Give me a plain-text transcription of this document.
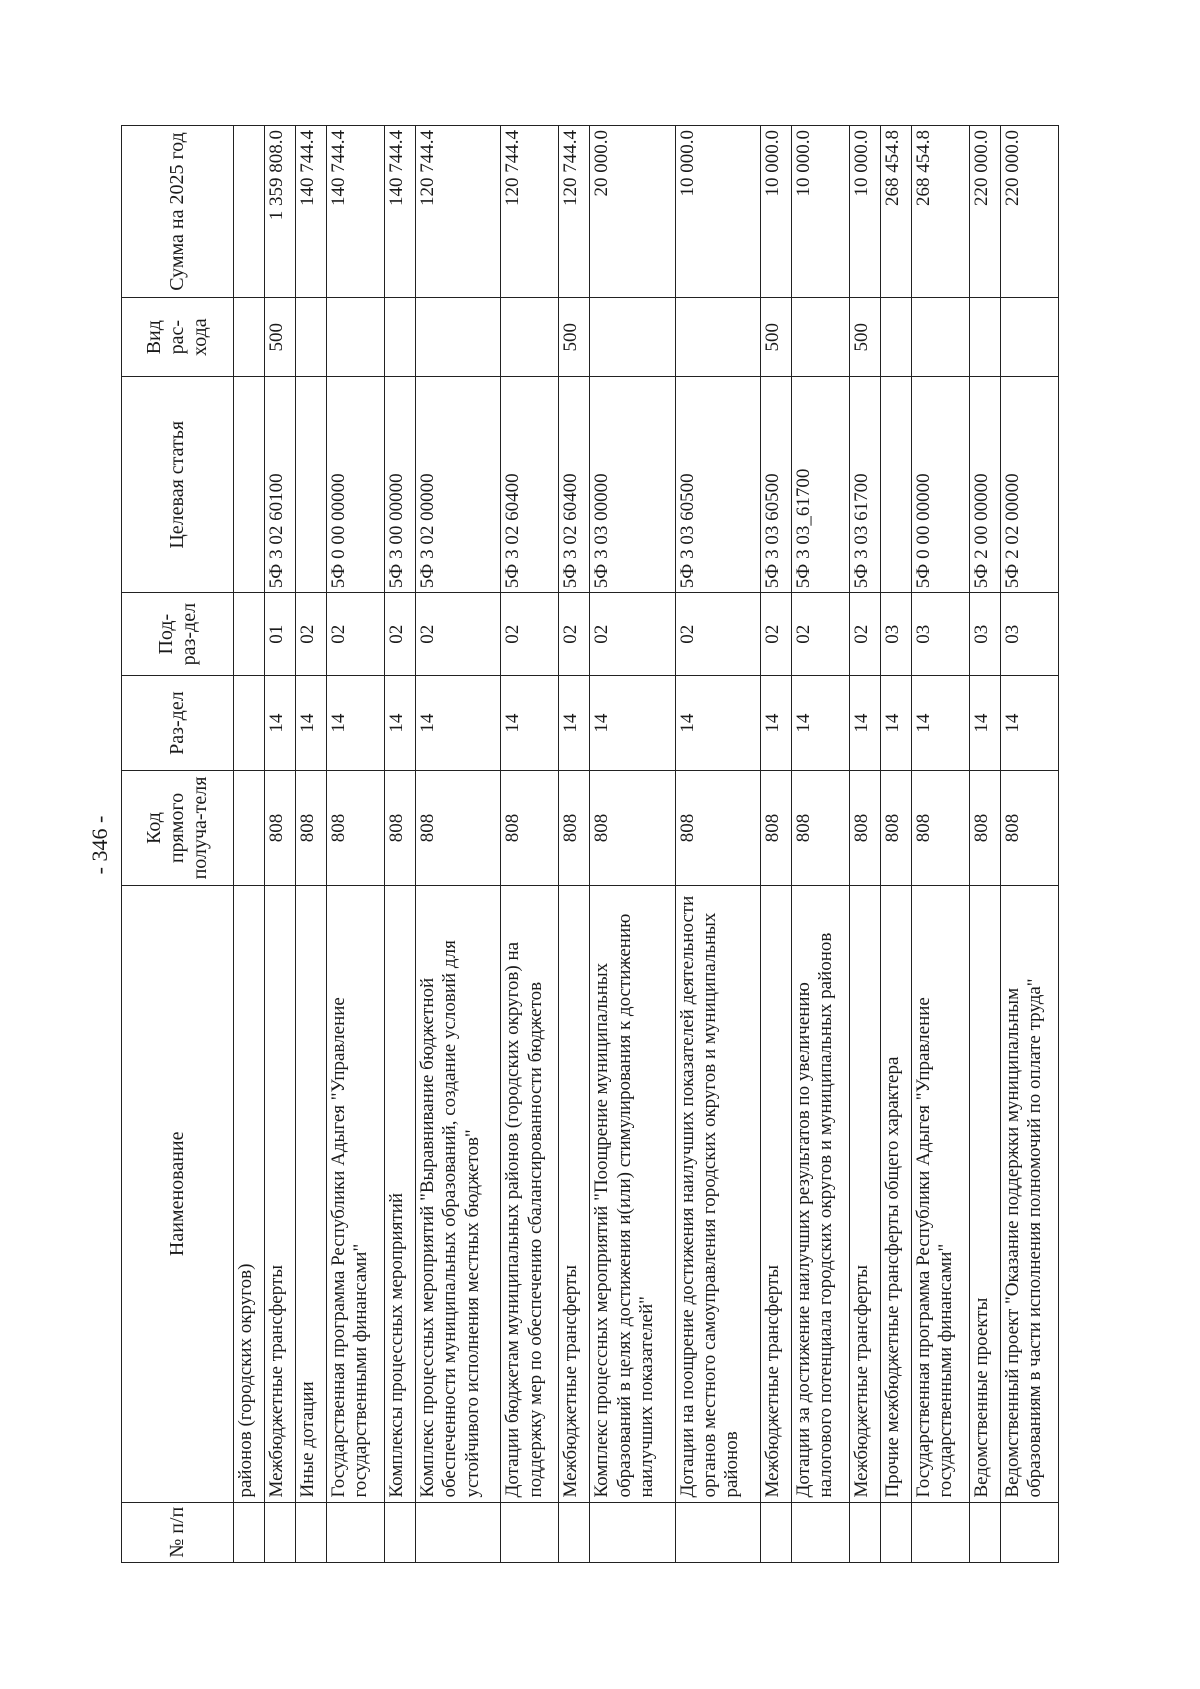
- 346 -
№ п/п	Наименование	Код прямого получа-теля	Раз-дел	Под-раз-дел	Целевая статья	Вид рас-хода	Сумма на 2025 год
	районов (городских округов)						
	Межбюджетные трансферты	808	14	01	5Ф 3 02 60100	500	1 359 808.0
	Иные дотации	808	14	02			140 744.4
	Государственная программа Республики Адыгея "Управление государственными финансами"	808	14	02	5Ф 0 00 00000		140 744.4
	Комплексы процессных мероприятий	808	14	02	5Ф 3 00 00000		140 744.4
	Комплекс процессных мероприятий "Выравнивание бюджетной обеспеченности муниципальных образований, создание условий для устойчивого исполнения местных бюджетов"	808	14	02	5Ф 3 02 00000		120 744.4
	Дотации бюджетам муниципальных районов (городских округов) на поддержку мер по обеспечению сбалансированности бюджетов	808	14	02	5Ф 3 02 60400		120 744.4
	Межбюджетные трансферты	808	14	02	5Ф 3 02 60400	500	120 744.4
	Комплекс процессных мероприятий "Поощрение муниципальных образований в целях достижения и(или) стимулирования к достижению наилучших показателей"	808	14	02	5Ф 3 03 00000		20 000.0
	Дотации на поощрение достижения наилучших показателей деятельности органов местного самоуправления городских округов и муниципальных районов	808	14	02	5Ф 3 03 60500		10 000.0
	Межбюджетные трансферты	808	14	02	5Ф 3 03 60500	500	10 000.0
	Дотации за достижение наилучших результатов по увеличению налогового потенциала городских округов и муниципальных районов	808	14	02	5Ф 3 03_61700		10 000.0
	Межбюджетные трансферты	808	14	02	5Ф 3 03 61700	500	10 000.0
	Прочие межбюджетные трансферты общего характера	808	14	03			268 454.8
	Государственная программа Республики Адыгея "Управление государственными финансами"	808	14	03	5Ф 0 00 00000		268 454.8
	Ведомственные проекты	808	14	03	5Ф 2 00 00000		220 000.0
	Ведомственный проект "Оказание поддержки муниципальным образованиям в части исполнения полномочий по оплате труда"	808	14	03	5Ф 2 02 00000		220 000.0
